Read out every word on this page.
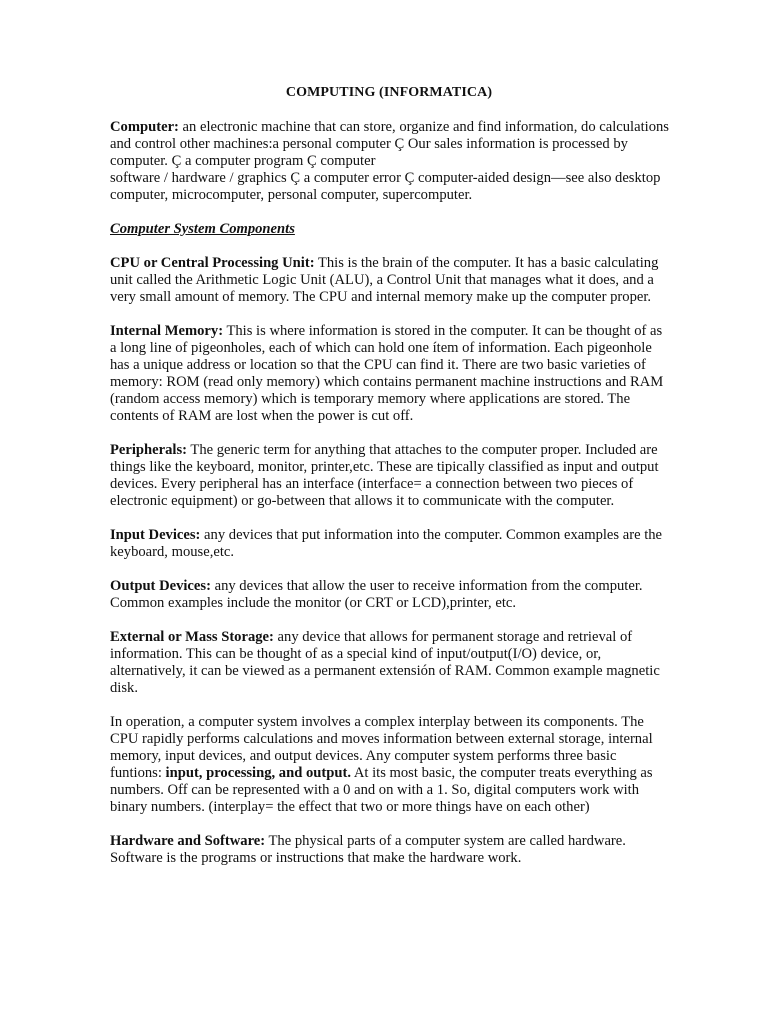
COMPUTING (INFORMATICA)

Computer: an electronic machine that can store, organize and find information, do calculations and control other machines:a personal computer Ç Our sales information is processed by computer. Ç a computer program Ç computer
software / hardware / graphics Ç a computer error Ç computer-aided design—see also desktop computer, microcomputer, personal computer, supercomputer.

Computer System Components

CPU or Central Processing Unit: This is the brain of the computer. It has a basic calculating unit called the Arithmetic Logic Unit (ALU), a Control Unit that manages what it does, and a very small amount of memory. The CPU and internal memory make up the computer proper.

Internal Memory: This is where information is stored in the computer. It can be thought of as a long line of pigeonholes, each of which can hold one ítem of information. Each pigeonhole has a unique address or location so that the CPU can find it. There are two basic varieties of memory: ROM (read only memory) which contains permanent machine instructions and RAM (random access memory) which is temporary memory where applications are stored. The contents of RAM are lost when the power is cut off.

Peripherals: The generic term for anything that attaches to the computer proper. Included are things like the keyboard, monitor, printer,etc. These are tipically classified as input and output devices. Every peripheral has an interface (interface= a connection between two pieces of electronic equipment) or go-between that allows it to communicate with the computer.

Input Devices: any devices that put information into the computer. Common examples are the keyboard, mouse,etc.

Output Devices: any devices that allow the user to receive information from the computer. Common examples include the monitor (or CRT or LCD),printer, etc.

External or Mass Storage: any device that allows for permanent storage and retrieval of information. This can be thought of as a special kind of input/output(I/O) device, or, alternatively, it can be viewed as a permanent extensión of RAM. Common example magnetic disk.

In operation, a computer system involves a complex interplay between its components. The CPU rapidly performs calculations and moves information between external storage, internal memory, input devices, and output devices. Any computer system performs three basic funtions: input, processing, and output. At its most basic, the computer treats everything as numbers. Off can be represented with a 0 and on with a 1. So, digital computers work with binary numbers. (interplay= the effect that two or more things have on each other)

Hardware and Software: The physical parts of a computer system are called hardware. Software is the programs or instructions that make the hardware work.
